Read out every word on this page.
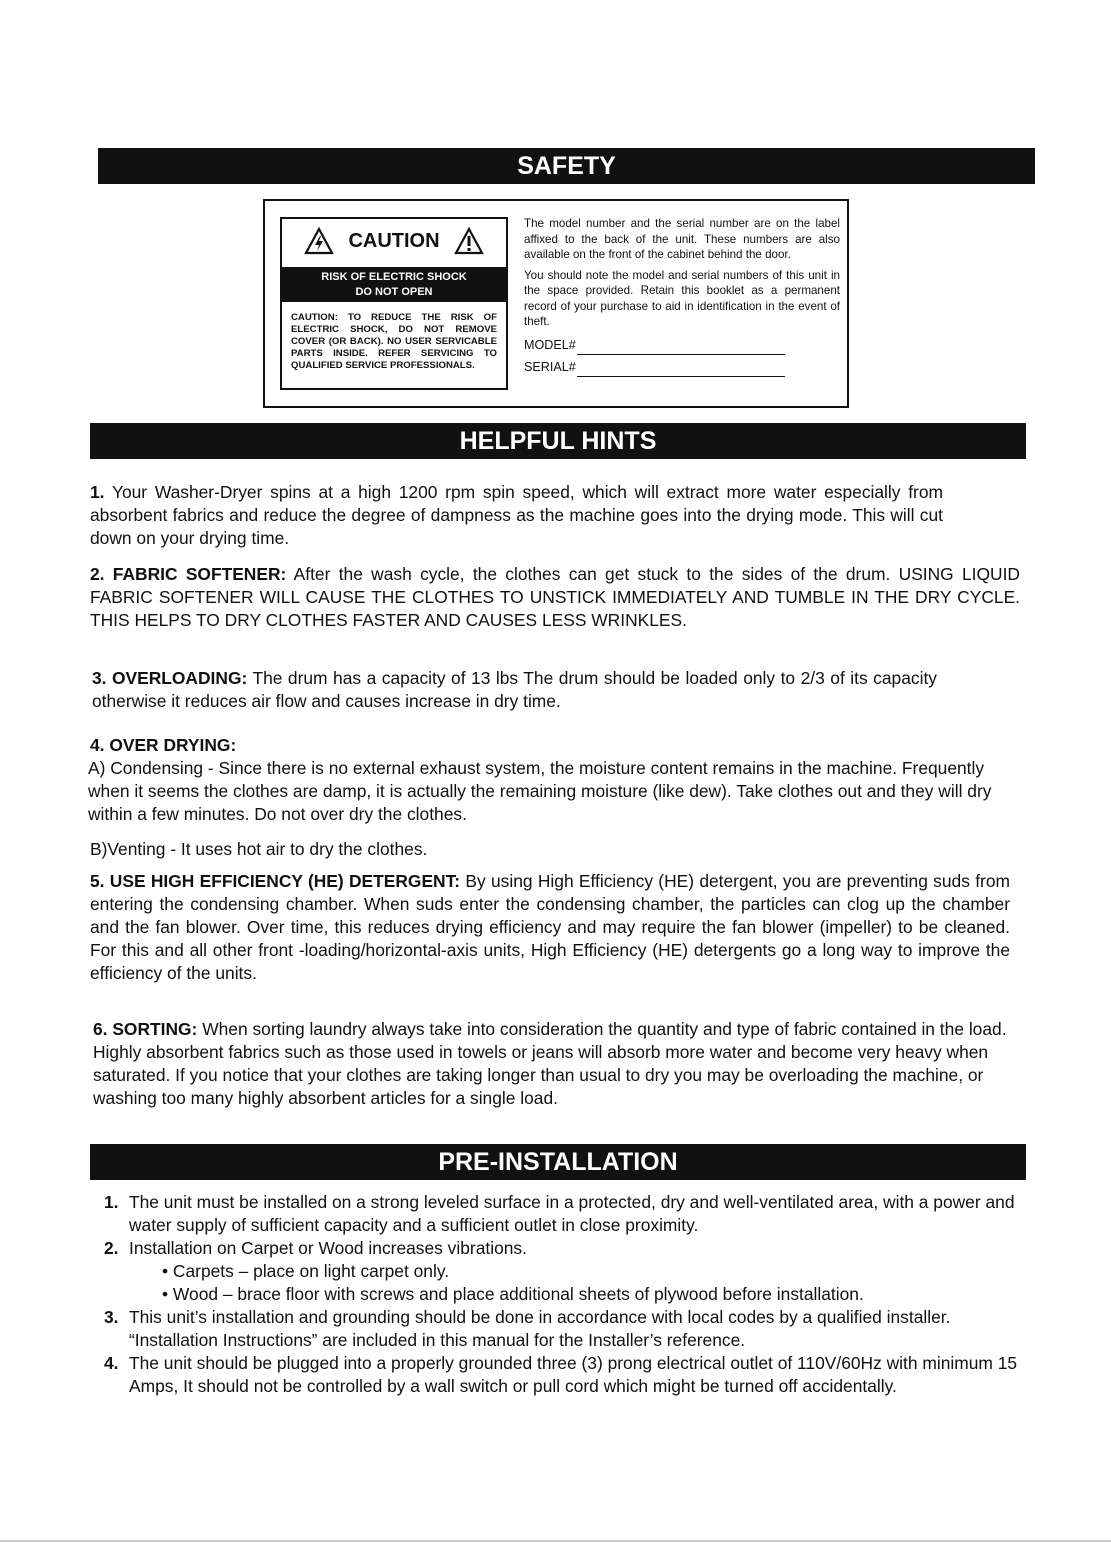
SAFETY
CAUTION
RISK OF ELECTRIC SHOCK
DO NOT OPEN
CAUTION: TO REDUCE THE RISK OF ELECTRIC SHOCK, DO NOT REMOVE COVER (OR BACK). NO USER SERVICABLE PARTS INSIDE. REFER SERVICING TO QUALIFIED SERVICE PROFESSIONALS.

The model number and the serial number are on the label affixed to the back of the unit. These numbers are also available on the front of the cabinet behind the door.

You should note the model and serial numbers of this unit in the space provided. Retain this booklet as a permanent record of your purchase to aid in identification in the event of theft.

MODEL#
SERIAL#
HELPFUL HINTS
1. Your Washer-Dryer spins at a high 1200 rpm spin speed, which will extract more water especially from absorbent fabrics and reduce the degree of dampness as the machine goes into the drying mode. This will cut down on your drying time.
2. FABRIC SOFTENER: After the wash cycle, the clothes can get stuck to the sides of the drum. USING LIQUID FABRIC SOFTENER WILL CAUSE THE CLOTHES TO UNSTICK IMMEDIATELY AND TUMBLE IN THE DRY CYCLE. THIS HELPS TO DRY CLOTHES FASTER AND CAUSES LESS WRINKLES.
3. OVERLOADING: The drum has a capacity of 13 lbs The drum should be loaded only to 2/3 of its capacity otherwise it reduces air flow and causes increase in dry time.
4. OVER DRYING:
A) Condensing - Since there is no external exhaust system, the moisture content remains in the machine. Frequently when it seems the clothes are damp, it is actually the remaining moisture (like dew). Take clothes out and they will dry within a few minutes. Do not over dry the clothes.
B)Venting - It uses hot air to dry the clothes.
5. USE HIGH EFFICIENCY (HE) DETERGENT: By using High Efficiency (HE) detergent, you are preventing suds from entering the condensing chamber. When suds enter the condensing chamber, the particles can clog up the chamber and the fan blower. Over time, this reduces drying efficiency and may require the fan blower (impeller) to be cleaned. For this and all other front -loading/horizontal-axis units, High Efficiency (HE) detergents go a long way to improve the efficiency of the units.
6. SORTING: When sorting laundry always take into consideration the quantity and type of fabric contained in the load. Highly absorbent fabrics such as those used in towels or jeans will absorb more water and become very heavy when saturated. If you notice that your clothes are taking longer than usual to dry you may be overloading the machine, or washing too many highly absorbent articles for a single load.
PRE-INSTALLATION
1. The unit must be installed on a strong leveled surface in a protected, dry and well-ventilated area, with a power and water supply of sufficient capacity and a sufficient outlet in close proximity.
2. Installation on Carpet or Wood increases vibrations.
• Carpets – place on light carpet only.
• Wood – brace floor with screws and place additional sheets of plywood before installation.
3. This unit’s installation and grounding should be done in accordance with local codes by a qualified installer. “Installation Instructions” are included in this manual for the Installer’s reference.
4. The unit should be plugged into a properly grounded three (3) prong electrical outlet of 110V/60Hz with minimum 15 Amps, It should not be controlled by a wall switch or pull cord which might be turned off accidentally.
